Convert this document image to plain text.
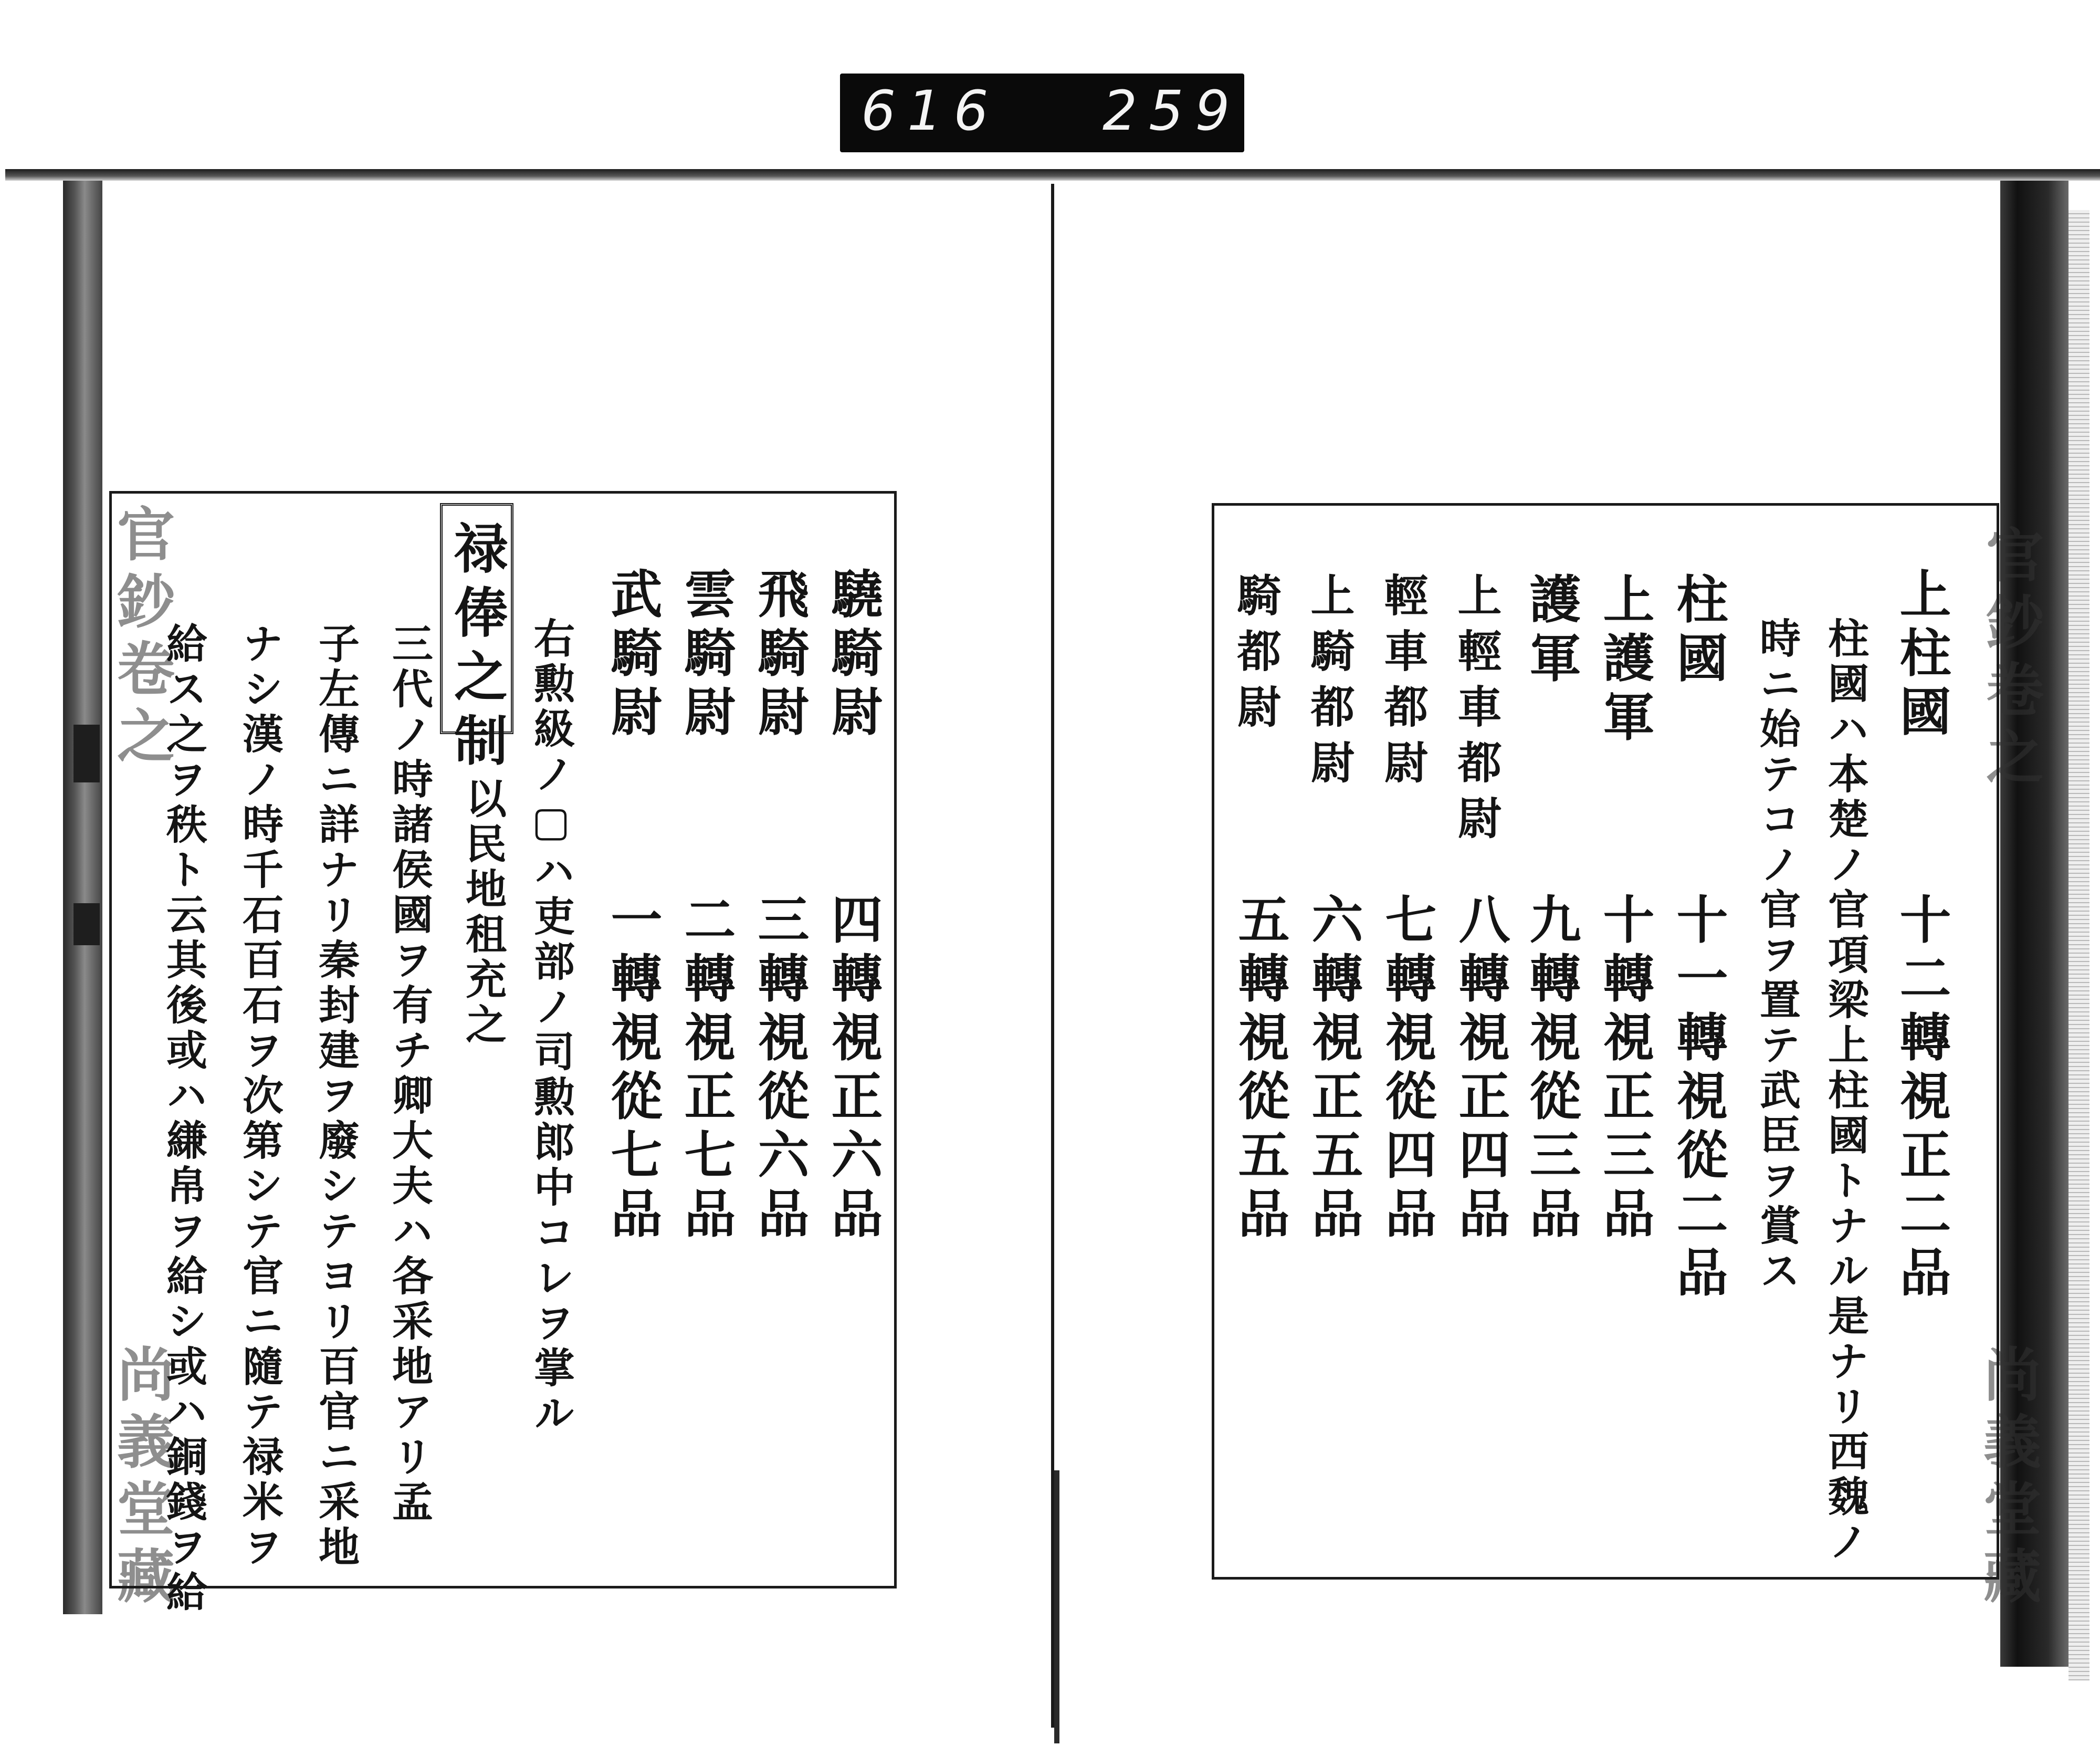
616 259
官鈔卷之
尚義堂藏
官鈔卷之
尚義堂藏
上柱國
柱國ハ本楚ノ官項梁上柱國トナル是ナリ西魏ノ
時ニ始テコノ官ヲ置テ武臣ヲ賞ス 十二轉視正二品
柱國
十一轉視從二品
上護軍
十轉視正三品
護軍
九轉視從三品
上輕車都尉
八轉視正四品
輕車都尉
七轉視從四品
上騎都尉
六轉視正五品
騎都尉
五轉視從五品
驍騎尉
四轉視正六品
飛騎尉
三轉視從六品
雲騎尉
二轉視正七品
武騎尉
一轉視從七品
右勲級ノ▢ハ吏部ノ司勲郎中コレヲ掌ル
禄俸之制
以民地租充之
三代ノ時諸侯國ヲ有チ卿大夫ハ各采地アリ孟
子左傳ニ詳ナリ秦封建ヲ廢シテヨリ百官ニ采地
ナシ漢ノ時千石百石ヲ次第シテ官ニ隨テ禄米ヲ
給ス之ヲ秩ト云其後或ハ縑帛ヲ給シ或ハ銅錢ヲ給
